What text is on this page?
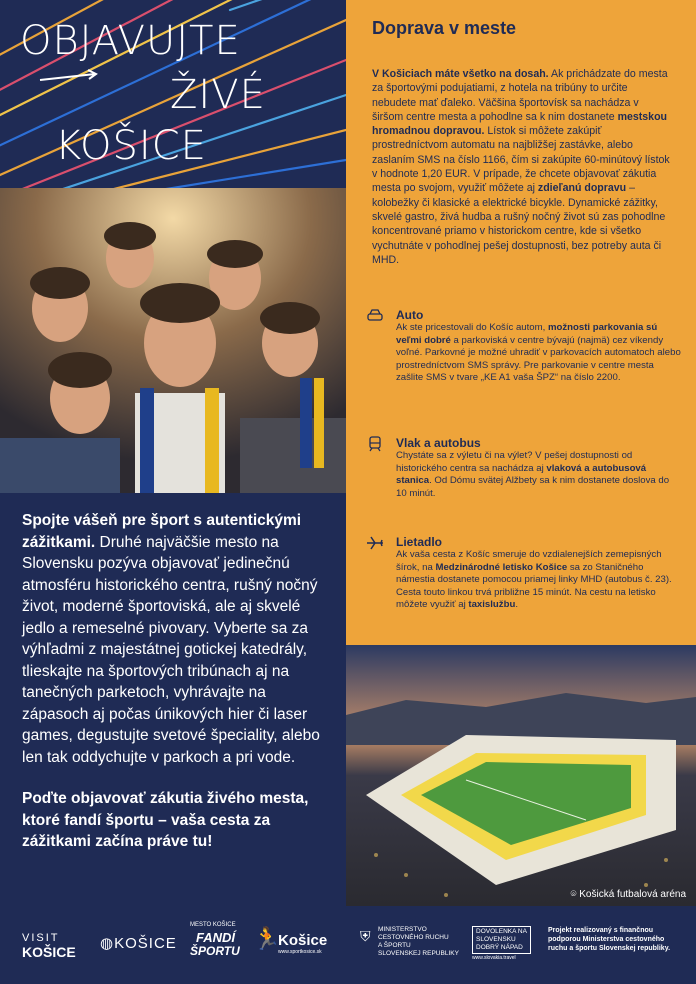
OBJAVUJTE
ŽIVÉ
KOŠICE

Spojte vášeň pre šport s autentickými zážitkami. Druhé najväčšie mesto na Slovensku pozýva objavovať jedinečnú atmosféru historického centra, rušný nočný život, moderné športoviská, ale aj skvelé jedlo a remeselné pivovary. Vyberte sa za výhľadmi z majestátnej gotickej katedrály, tlieskajte na športových tribúnach aj na tanečných parketoch, vyhrávajte na zápasoch aj počas únikových hier či laser games, degustujte svetové špeciality, alebo len tak oddychujte v parkoch a pri vode.

Poďte objavovať zákutia živého mesta, ktoré fandí športu – vaša cesta za zážitkami začína práve tu!

Doprava v meste

V Košiciach máte všetko na dosah. Ak prichádzate do mesta za športovými podujatiami, z hotela na tribúny to určite nebudete mať ďaleko. Väčšina športovísk sa nachádza v širšom centre mesta a pohodlne sa k nim dostanete mestskou hromadnou dopravou. Lístok si môžete zakúpiť prostredníctvom automatu na najbližšej zastávke, alebo zaslaním SMS na číslo 1166, čím si zakúpite 60-minútový lístok v hodnote 1,20 EUR. V prípade, že chcete objavovať zákutia mesta po svojom, využiť môžete aj zdieľanú dopravu – kolobežky či klasické a elektrické bicykle. Dynamické zážitky, skvelé gastro, živá hudba a rušný nočný život sú zas pohodlne koncentrované priamo v historickom centre, kde si všetko vychutnáte v pohodlnej pešej dostupnosti, bez potreby auta či MHD.

Auto

Ak ste pricestovali do Košíc autom, možnosti parkovania sú veľmi dobré a parkoviská v centre bývajú (najmä) cez víkendy voľné. Parkovné je možné uhradiť v parkovacích automatoch alebo prostredníctvom SMS správy. Pre parkovanie v centre mesta zašlite SMS v tvare „KE A1 vaša ŠPZ“ na číslo 2200.

Vlak a autobus

Chystáte sa z výletu či na výlet? V pešej dostupnosti od historického centra sa nachádza aj vlaková a autobusová stanica. Od Dómu svätej Alžbety sa k nim dostanete doslova do 10 minút.

Lietadlo

Ak vaša cesta z Košíc smeruje do vzdialenejších zemepisných šírok, na Medzinárodné letisko Košice sa zo Staničného námestia dostanete pomocou priamej linky MHD (autobus č. 23). Cesta touto linkou trvá približne 15 minút. Na cestu na letisko môžete využiť aj taxislužbu.

⌾ Košická futbalová aréna
VISIT
KOŠICE ◍KOŠICE
MESTO KOŠICE
FANDÍ
ŠPORTU 🏃
Košice
www.sportkosice.sk
⛨ MINISTERSTVO
CESTOVNÉHO RUCHU
A ŠPORTU
SLOVENSKEJ REPUBLIKY
DOVOLENKA NA
SLOVENSKU
DOBRÝ NÁPAD
www.slovakia.travel
Projekt realizovaný s finančnou podporou Ministerstva cestovného ruchu a športu Slovenskej republiky.
